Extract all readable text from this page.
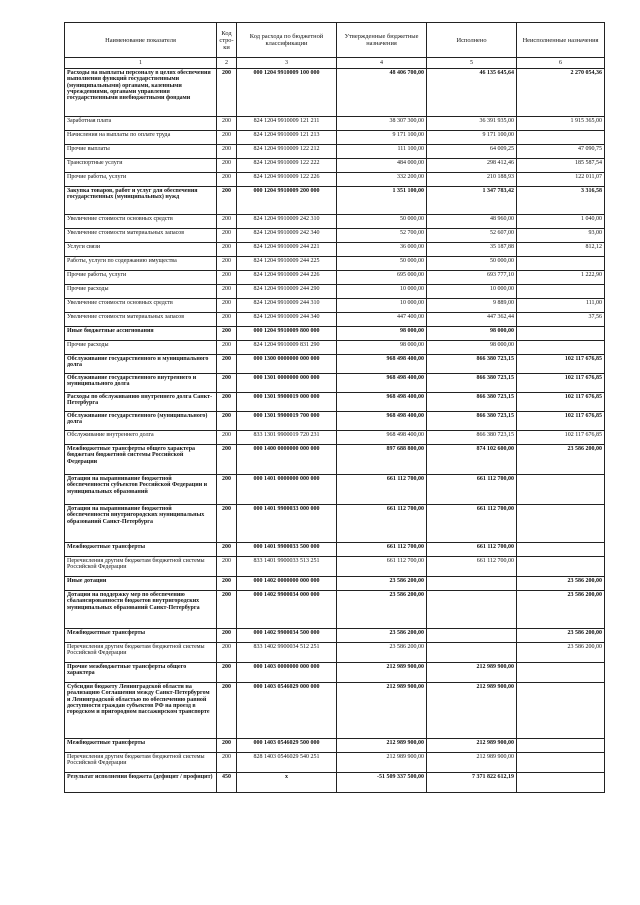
Наименование показателя	Код стро-ки	Код расхода по бюджетной классификации	Утвержденные бюджетные назначения	Исполнено	Неисполненные назначения
1	2	3	4	5	6
Расходы на выплаты персоналу в целях обеспечения выполнения функций государственными (муниципальными) органами, казенными учреждениями, органами управления государственными внебюджетными фондами	200	000 1204 9910009 100 000	48 406 700,00	46 135 645,64	2 270 054,36
Заработная плата	200	824 1204 9910009 121 211	38 307 300,00	36 391 935,00	1 915 365,00
Начисления на выплаты по оплате труда	200	824 1204 9910009 121 213	9 171 100,00	9 171 100,00	
Прочие выплаты	200	824 1204 9910009 122 212	111 100,00	64 009,25	47 090,75
Транспортные услуги	200	824 1204 9910009 122 222	484 000,00	298 412,46	185 587,54
Прочие работы, услуги	200	824 1204 9910009 122 226	332 200,00	210 188,93	122 011,07
Закупка товаров, работ и услуг для обеспечения государственных (муниципальных) нужд	200	000 1204 9910009 200 000	1 351 100,00	1 347 783,42	3 316,58
Увеличение стоимости основных средств	200	824 1204 9910009 242 310	50 000,00	48 960,00	1 040,00
Увеличение стоимости материальных запасов	200	824 1204 9910009 242 340	52 700,00	52 607,00	93,00
Услуги связи	200	824 1204 9910009 244 221	36 000,00	35 187,88	812,12
Работы, услуги по содержанию имущества	200	824 1204 9910009 244 225	50 000,00	50 000,00	
Прочие работы, услуги	200	824 1204 9910009 244 226	695 000,00	693 777,10	1 222,90
Прочие расходы	200	824 1204 9910009 244 290	10 000,00	10 000,00	
Увеличение стоимости основных средств	200	824 1204 9910009 244 310	10 000,00	9 889,00	111,00
Увеличение стоимости материальных запасов	200	824 1204 9910009 244 340	447 400,00	447 362,44	37,56
Иные бюджетные ассигнования	200	000 1204 9910009 800 000	98 000,00	98 000,00	
Прочие расходы	200	824 1204 9910009 831 290	98 000,00	98 000,00	
Обслуживание государственного и муниципального долга	200	000 1300 0000000 000 000	968 498 400,00	866 380 723,15	102 117 676,85
Обслуживание государственного внутреннего и муниципального долга	200	000 1301 0000000 000 000	968 498 400,00	866 380 723,15	102 117 676,85
Расходы по обслуживанию внутреннего долга Санкт-Петербурга	200	000 1301 9900019 000 000	968 498 400,00	866 380 723,15	102 117 676,85
Обслуживание государственного (муниципального) долга	200	000 1301 9900019 700 000	968 498 400,00	866 380 723,15	102 117 676,85
Обслуживание внутреннего долга	200	833 1301 9900019 720 231	968 498 400,00	866 380 723,15	102 117 676,85
Межбюджетные трансферты общего характера бюджетам бюджетной системы Российской Федерации	200	000 1400 0000000 000 000	897 688 800,00	874 102 600,00	23 586 200,00
Дотации на выравнивание бюджетной обеспеченности субъектов Российской Федерации и муниципальных образований	200	000 1401 0000000 000 000	661 112 700,00	661 112 700,00	
Дотации на выравнивание бюджетной обеспеченности внутригородских муниципальных образований Санкт-Петербурга	200	000 1401 9900033 000 000	661 112 700,00	661 112 700,00	
Межбюджетные трансферты	200	000 1401 9900033 500 000	661 112 700,00	661 112 700,00	
Перечисления другим бюджетам бюджетной системы Российской Федерации	200	833 1401 9900033 513 251	661 112 700,00	661 112 700,00	
Иные дотации	200	000 1402 0000000 000 000	23 586 200,00		23 586 200,00
Дотации на поддержку мер по обеспечению сбалансированности бюджетов внутригородских муниципальных образований Санкт-Петербурга	200	000 1402 9900034 000 000	23 586 200,00		23 586 200,00
Межбюджетные трансферты	200	000 1402 9900034 500 000	23 586 200,00		23 586 200,00
Перечисления другим бюджетам бюджетной системы Российской Федерации	200	833 1402 9900034 512 251	23 586 200,00		23 586 200,00
Прочие межбюджетные трансферты общего характера	200	000 1403 0000000 000 000	212 989 900,00	212 989 900,00	
Субсидия бюджету Ленинградской области на реализацию Соглашения между Санкт-Петербургом и Ленинградской областью по обеспечению равной доступности граждан субъектов РФ на проезд в городском и пригородном пассажирском транспорте	200	000 1403 0546029 000 000	212 989 900,00	212 989 900,00	
Межбюджетные трансферты	200	000 1403 0546029 500 000	212 989 900,00	212 989 900,00	
Перечисления другим бюджетам бюджетной системы Российской Федерации	200	828 1403 0546029 540 251	212 989 900,00	212 989 900,00	
Результат исполнения бюджета (дефицит / профицит)	450	x	-51 509 337 500,00	7 371 822 612,19	
